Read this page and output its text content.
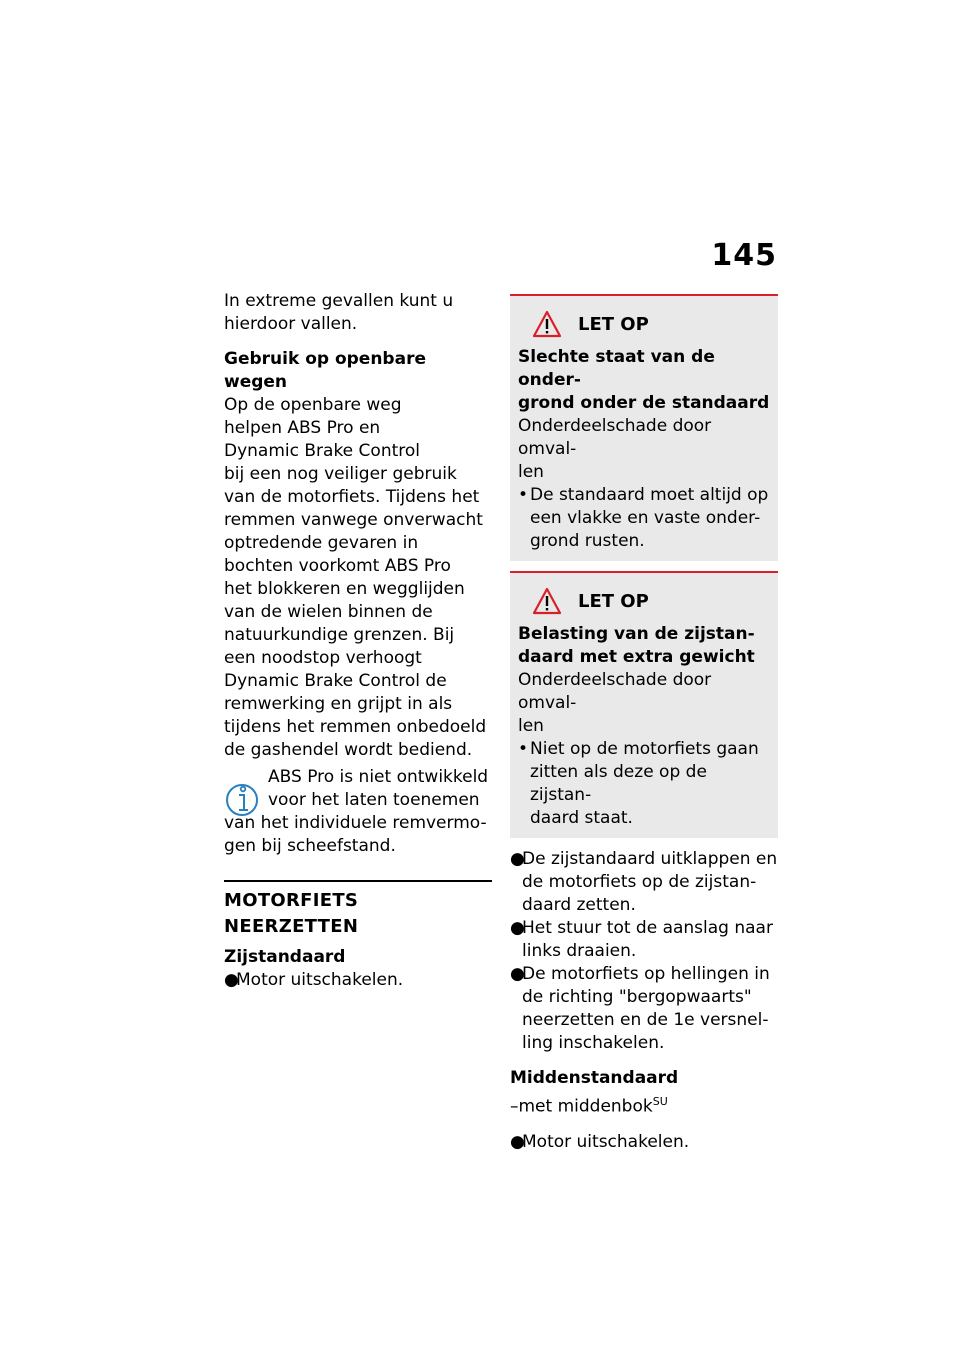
145

In extreme gevallen kunt u

hierdoor vallen.

Gebruik op openbare wegen

Op de openbare weg

helpen ABS Pro en

Dynamic Brake Control

bij een nog veiliger gebruik

van de motorfiets. Tijdens het

remmen vanwege onverwacht

optredende gevaren in

bochten voorkomt ABS Pro

het blokkeren en wegglijden

van de wielen binnen de

natuurkundige grenzen. Bij

een noodstop verhoogt

Dynamic Brake Control de

remwerking en grijpt in als

tijdens het remmen onbedoeld

de gashendel wordt bediend.

ABS Pro is niet ontwikkeld

voor het laten toenemen

van het individuele remvermo-

gen bij scheefstand.

MOTORFIETS NEERZETTEN

Zijstandaard

●
Motor uitschakelen.
LET OP

Slechte staat van de onder-

grond onder de standaard

Onderdeelschade door omval-

len

• De standaard moet altijd op
een vlakke en vaste onder-
grond rusten.
LET OP

Belasting van de zijstan-

daard met extra gewicht

Onderdeelschade door omval-

len

• Niet op de motorfiets gaan
zitten als deze op de zijstan-
daard staat.
●
De zijstandaard uitklappen en
de motorfiets op de zijstan-
daard zetten.
●
Het stuur tot de aanslag naar
links draaien.
●
De motorfiets op hellingen in
de richting "bergopwaarts"
neerzetten en de 1e versnel-
ling inschakelen.

Middenstandaard

–met middenbok$^{SU}$

●
Motor uitschakelen.
